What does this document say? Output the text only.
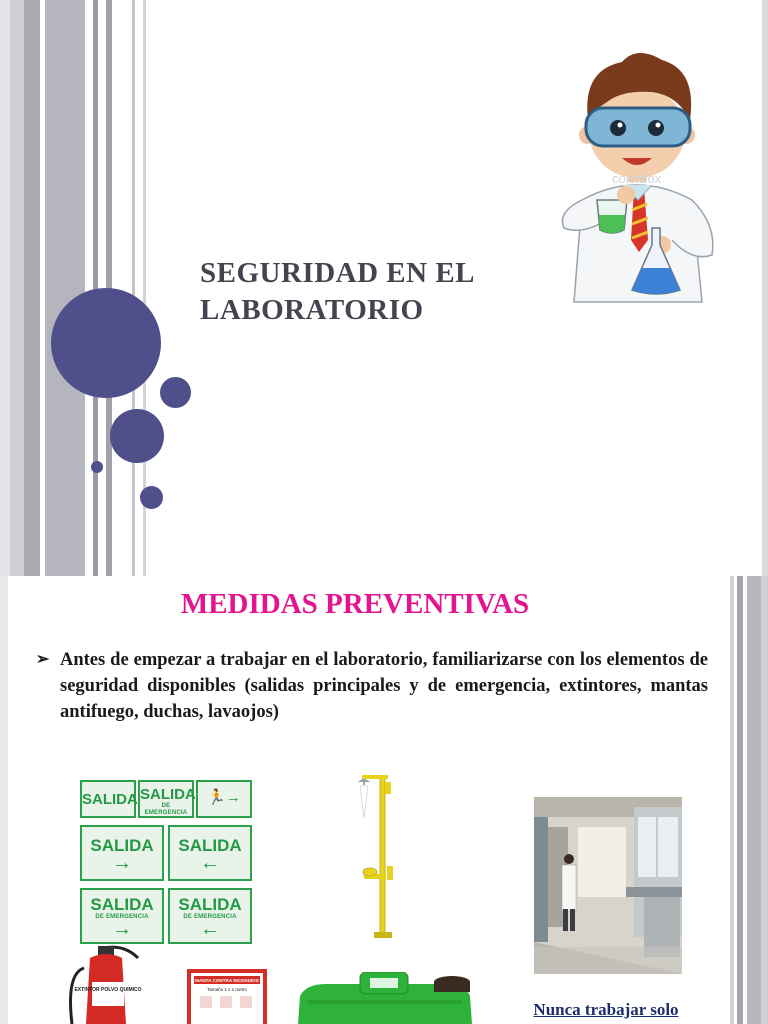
SEGURIDAD EN EL
LABORATORIO
colorbox
MEDIDAS PREVENTIVAS
➢ Antes de empezar a trabajar en el laboratorio, familiarizarse con los elementos de seguridad disponibles (salidas principales y de emergencia, extintores, mantas antifuego, duchas, lavaojos)
SALIDA SALIDA
DE EMERGENCIA
🏃→
SALIDA
→
SALIDA
←
SALIDA
DE EMERGENCIA
→
SALIDA
DE EMERGENCIA
←
EXTINTOR POLVO QUIMICO
MANTA CONTRA INCENDIOS
Tamaño 1 x 1 metro
Nunca trabajar solo
